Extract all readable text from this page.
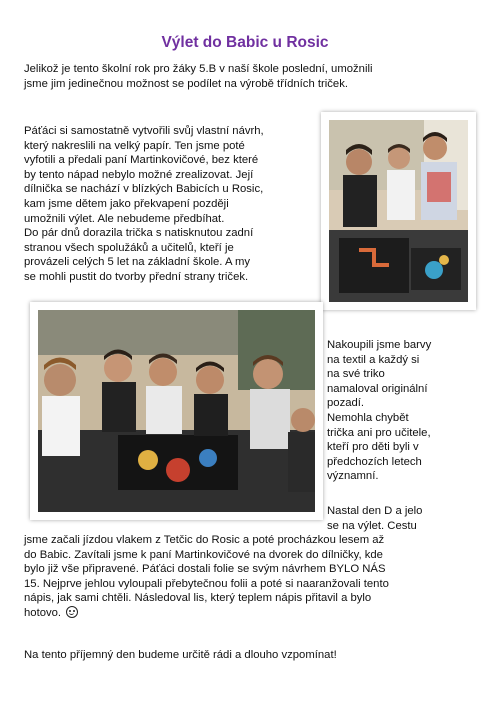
Výlet do Babic u Rosic
Jelikož je tento školní rok pro žáky 5.B v naší škole poslední, umožnili
jsme jim jedinečnou možnost se podílet na výrobě třídních triček.
Páťáci si samostatně vytvořili svůj vlastní návrh,
který nakreslili na velký papír. Ten jsme poté
vyfotili a předali paní Martinkovičové, bez které
by tento nápad nebylo možné zrealizovat. Její
dílnička se nachází v blízkých Babicích u Rosic,
kam jsme dětem jako překvapení později
umožnili výlet. Ale nebudeme předbíhat.
Do pár dnů dorazila trička s natisknutou zadní
stranou všech spolužáků a učitelů, kteří je
provázeli celých 5 let na základní škole. A my
se mohli pustit do tvorby přední strany triček.
Nakoupili jsme barvy
na textil a každý si
na své triko
namaloval originální
pozadí.
Nemohla chybět
trička ani pro učitele,
kteří pro děti byli v
předchozích letech
významní.
Nastal den D a jelo
se na výlet. Cestu
jsme začali jízdou vlakem z Tetčic do Rosic a poté procházkou lesem až
do Babic. Zavítali jsme k paní Martinkovičové na dvorek do dílničky, kde
bylo již vše připravené. Páťáci dostali folie se svým návrhem BYLO NÁS
15. Nejprve jehlou vyloupali přebytečnou folii a poté si naaranžovali tento
nápis, jak sami chtěli. Následoval lis, který teplem nápis přitavil a bylo
hotovo.
Na tento příjemný den budeme určitě rádi a dlouho vzpomínat!
